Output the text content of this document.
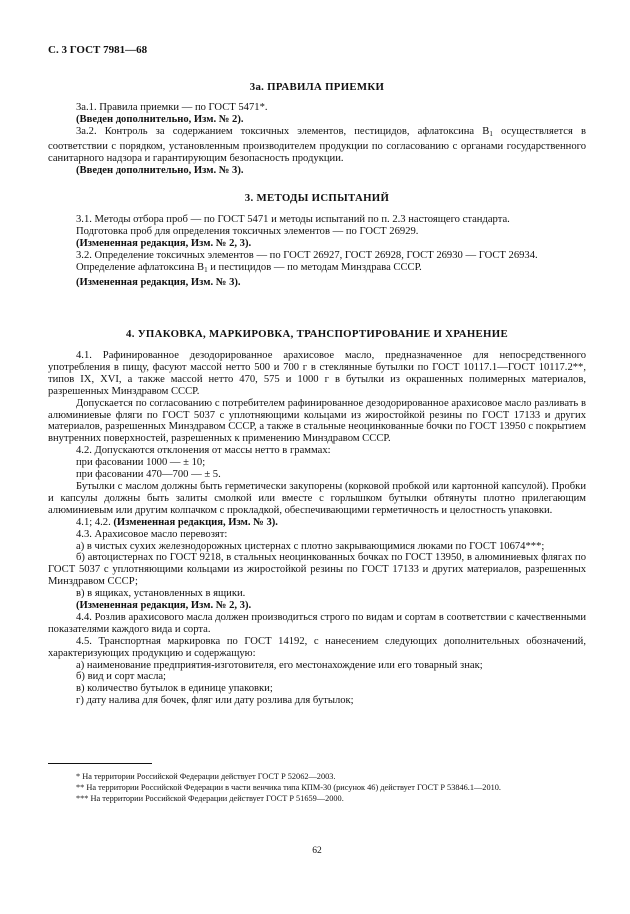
С. 3 ГОСТ 7981—68
3а. ПРАВИЛА ПРИЕМКИ

3а.1. Правила приемки — по ГОСТ 5471*.

(Введен дополнительно, Изм. № 2).

3а.2. Контроль за содержанием токсичных элементов, пестицидов, афлатоксина $В_1$ осуществляется в соответствии с порядком, установленным производителем продукции по согласованию с органами государственного санитарного надзора и гарантирующим безопасность продукции.

(Введен дополнительно, Изм. № 3).

3. МЕТОДЫ ИСПЫТАНИЙ

3.1. Методы отбора проб — по ГОСТ 5471 и методы испытаний по п. 2.3 настоящего стандарта.

Подготовка проб для определения токсичных элементов — по ГОСТ 26929.

(Измененная редакция, Изм. № 2, 3).

3.2. Определение токсичных элементов — по ГОСТ 26927, ГОСТ 26928, ГОСТ 26930 — ГОСТ 26934.

Определение афлатоксина $В_1$ и пестицидов — по методам Минздрава СССР.

(Измененная редакция, Изм. № 3).

4. УПАКОВКА, МАРКИРОВКА, ТРАНСПОРТИРОВАНИЕ И ХРАНЕНИЕ

4.1. Рафинированное дезодорированное арахисовое масло, предназначенное для непосредственного употребления в пищу, фасуют массой нетто 500 и 700 г в стеклянные бутылки по ГОСТ 10117.1—ГОСТ 10117.2**, типов IX, XVI, а также массой нетто 470, 575 и 1000 г в бутылки из окрашенных полимерных материалов, разрешенных Минздравом СССР.

Допускается по согласованию с потребителем рафинированное дезодорированное арахисовое масло разливать в алюминиевые фляги по ГОСТ 5037 с уплотняющими кольцами из жиростойкой резины по ГОСТ 17133 и других материалов, разрешенных Минздравом СССР, а также в стальные неоцинкованные бочки по ГОСТ 13950 с покрытием внутренних поверхностей, разрешенных к применению Минздравом СССР.

4.2. Допускаются отклонения от массы нетто в граммах:

при фасовании 1000 — ± 10;

при фасовании 470—700 — ± 5.

Бутылки с маслом должны быть герметически закупорены (корковой пробкой или картонной капсулой). Пробки и капсулы должны быть залиты смолкой или вместе с горлышком бутылки обтянуты плотно прилегающим алюминиевым или другим колпачком с прокладкой, обеспечивающими герметичность и целостность упаковки.

4.1; 4.2. (Измененная редакция, Изм. № 3).

4.3. Арахисовое масло перевозят:

а) в чистых сухих железнодорожных цистернах с плотно закрывающимися люками по ГОСТ 10674***;

б) автоцистернах по ГОСТ 9218, в стальных неоцинкованных бочках по ГОСТ 13950, в алюминиевых флягах по ГОСТ 5037 с уплотняющими кольцами из жиростойкой резины по ГОСТ 17133 и других материалов, разрешенных Минздравом СССР;

в) в ящиках, установленных в ящики.

(Измененная редакция, Изм. № 2, 3).

4.4. Розлив арахисового масла должен производиться строго по видам и сортам в соответствии с качественными показателями каждого вида и сорта.

4.5. Транспортная маркировка по ГОСТ 14192, с нанесением следующих дополнительных обозначений, характеризующих продукцию и содержащую:

а) наименование предприятия-изготовителя, его местонахождение или его товарный знак;

б) вид и сорт масла;

в) количество бутылок в единице упаковки;

г) дату налива для бочек, фляг или дату розлива для бутылок;

* На территории Российской Федерации действует ГОСТ Р 52062—2003.

** На территории Российской Федерации в части венчика типа КПМ-30 (рисунок 46) действует ГОСТ Р 53846.1—2010.

*** На территории Российской Федерации действует ГОСТ Р 51659—2000.

62
